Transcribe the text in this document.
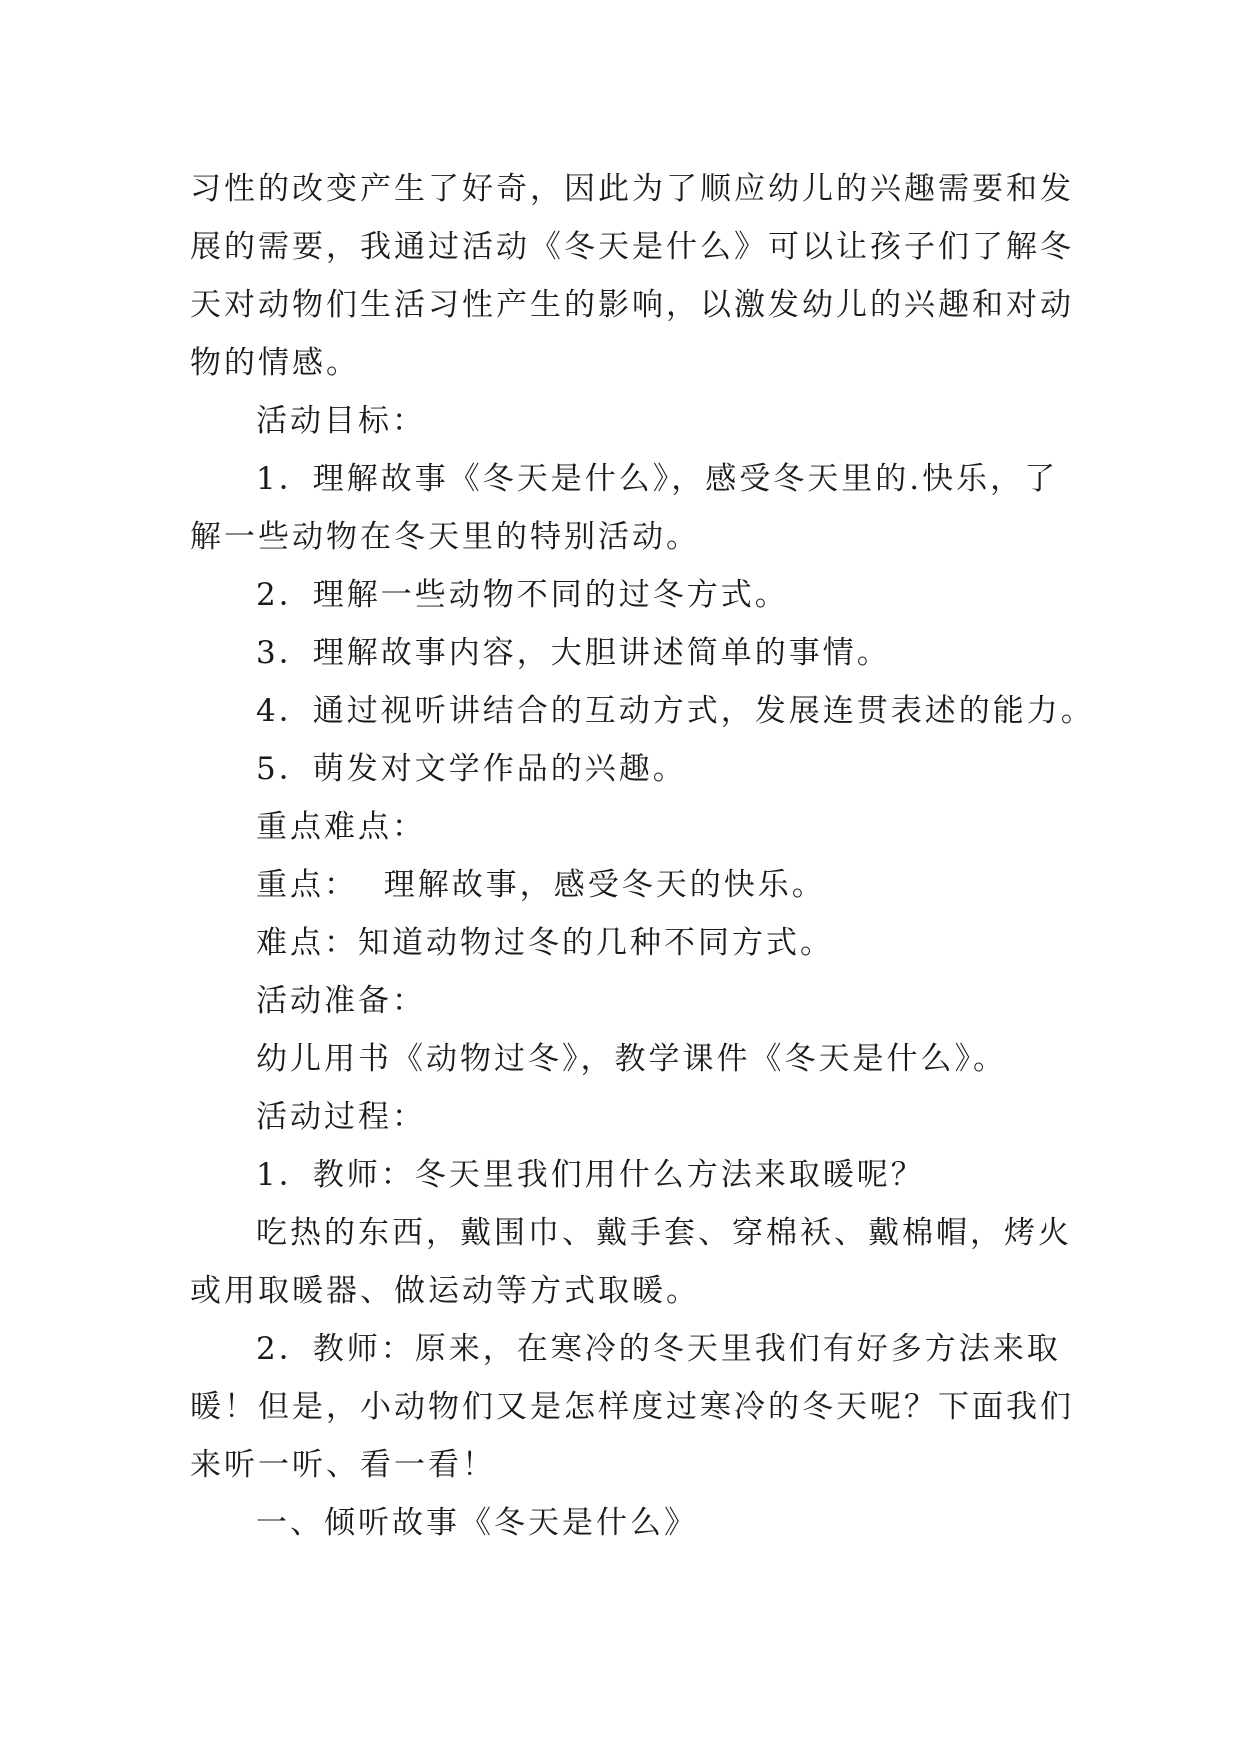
习性的改变产生了好奇，因此为了顺应幼儿的兴趣需要和发

展的需要，我通过活动《冬天是什么》可以让孩子们了解冬

天对动物们生活习性产生的影响，以激发幼儿的兴趣和对动

物的情感。

活动目标：

1．理解故事《冬天是什么》，感受冬天里的.快乐，了

解一些动物在冬天里的特别活动。

2．理解一些动物不同的过冬方式。

3．理解故事内容，大胆讲述简单的事情。

4．通过视听讲结合的互动方式，发展连贯表述的能力。

5．萌发对文学作品的兴趣。

重点难点：

重点：  理解故事，感受冬天的快乐。

难点：知道动物过冬的几种不同方式。

活动准备：

幼儿用书《动物过冬》，教学课件《冬天是什么》。

活动过程：

1．教师：冬天里我们用什么方法来取暖呢？

吃热的东西，戴围巾、戴手套、穿棉袄、戴棉帽，烤火

或用取暖器、做运动等方式取暖。

2．教师：原来，在寒冷的冬天里我们有好多方法来取

暖！但是，小动物们又是怎样度过寒冷的冬天呢？下面我们

来听一听、看一看！

一、倾听故事《冬天是什么》
